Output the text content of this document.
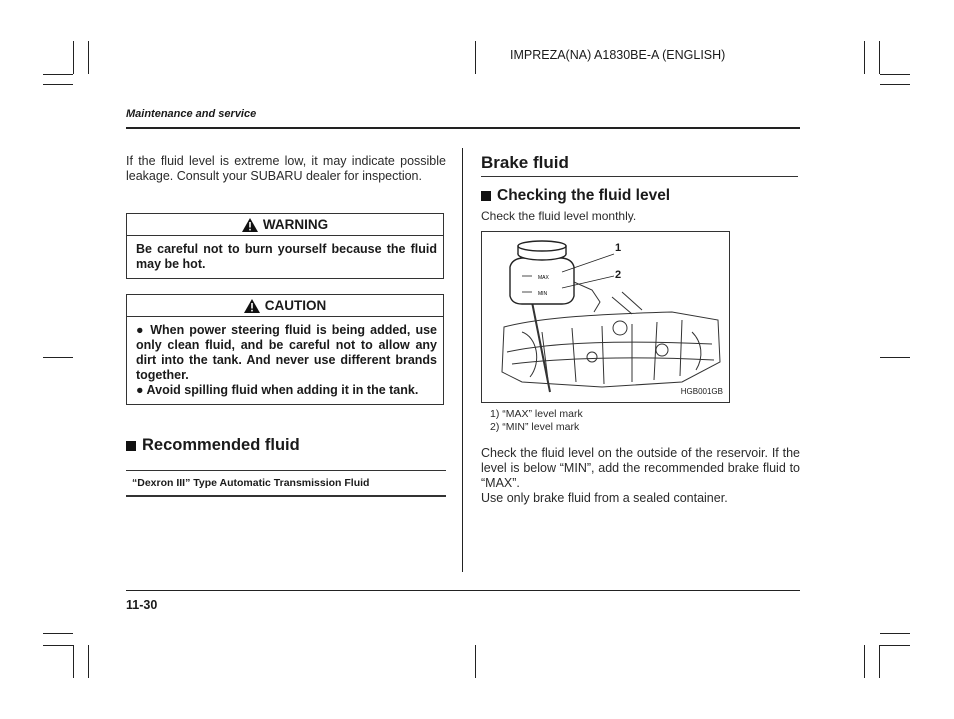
IMPREZA(NA) A1830BE-A (ENGLISH)
Maintenance and service
If the fluid level is extreme low, it may indicate possible leakage. Consult your SUBARU dealer for inspection.
WARNING
Be careful not to burn yourself because the fluid may be hot.
CAUTION
● When power steering fluid is being added, use only clean fluid, and be careful not to allow any dirt into the tank. And never use different brands together.
● Avoid spilling fluid when adding it in the tank.
Recommended fluid
“Dexron III” Type Automatic Transmission Fluid
Brake fluid
Checking the fluid level
Check the fluid level monthly.
MAX
MIN
1
2
HGB001GB
1) “MAX” level mark
2) “MIN” level mark
Check the fluid level on the outside of the reservoir. If the level is below “MIN”, add the recommended brake fluid to “MAX”.
Use only brake fluid from a sealed container.
11-30
